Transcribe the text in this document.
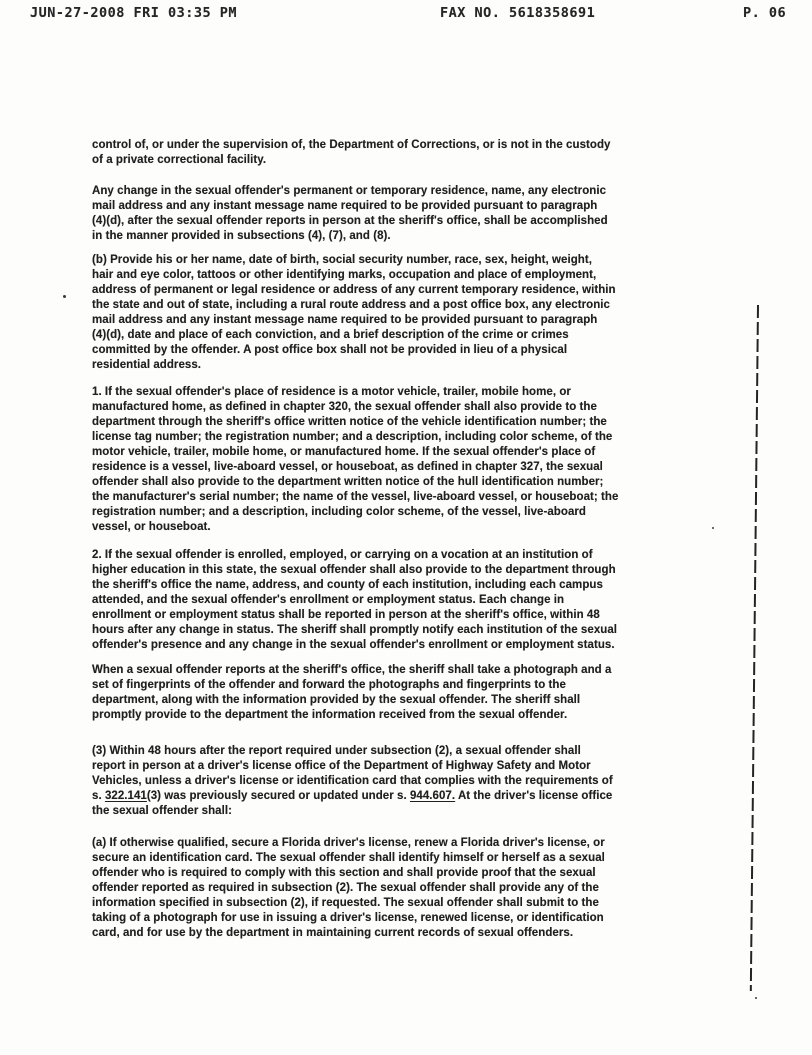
JUN-27-2008 FRI 03:35 PM	FAX NO. 5618358691	P. 06
control of, or under the supervision of, the Department of Corrections, or is not in the custody
of a private correctional facility.
Any change in the sexual offender's permanent or temporary residence, name, any electronic
mail address and any instant message name required to be provided pursuant to paragraph
(4)(d), after the sexual offender reports in person at the sheriff's office, shall be accomplished
in the manner provided in subsections (4), (7), and (8).
(b) Provide his or her name, date of birth, social security number, race, sex, height, weight,
hair and eye color, tattoos or other identifying marks, occupation and place of employment,
address of permanent or legal residence or address of any current temporary residence, within
the state and out of state, including a rural route address and a post office box, any electronic
mail address and any instant message name required to be provided pursuant to paragraph
(4)(d), date and place of each conviction, and a brief description of the crime or crimes
committed by the offender. A post office box shall not be provided in lieu of a physical
residential address.
1. If the sexual offender's place of residence is a motor vehicle, trailer, mobile home, or
manufactured home, as defined in chapter 320, the sexual offender shall also provide to the
department through the sheriff's office written notice of the vehicle identification number; the
license tag number; the registration number; and a description, including color scheme, of the
motor vehicle, trailer, mobile home, or manufactured home. If the sexual offender's place of
residence is a vessel, live-aboard vessel, or houseboat, as defined in chapter 327, the sexual
offender shall also provide to the department written notice of the hull identification number;
the manufacturer's serial number; the name of the vessel, live-aboard vessel, or houseboat; the
registration number; and a description, including color scheme, of the vessel, live-aboard
vessel, or houseboat.
2. If the sexual offender is enrolled, employed, or carrying on a vocation at an institution of
higher education in this state, the sexual offender shall also provide to the department through
the sheriff's office the name, address, and county of each institution, including each campus
attended, and the sexual offender's enrollment or employment status. Each change in
enrollment or employment status shall be reported in person at the sheriff's office, within 48
hours after any change in status. The sheriff shall promptly notify each institution of the sexual
offender's presence and any change in the sexual offender's enrollment or employment status.
When a sexual offender reports at the sheriff's office, the sheriff shall take a photograph and a
set of fingerprints of the offender and forward the photographs and fingerprints to the
department, along with the information provided by the sexual offender. The sheriff shall
promptly provide to the department the information received from the sexual offender.
(3) Within 48 hours after the report required under subsection (2), a sexual offender shall
report in person at a driver's license office of the Department of Highway Safety and Motor
Vehicles, unless a driver's license or identification card that complies with the requirements of
s. 322.141(3) was previously secured or updated under s. 944.607. At the driver's license office
the sexual offender shall:
(a) If otherwise qualified, secure a Florida driver's license, renew a Florida driver's license, or
secure an identification card. The sexual offender shall identify himself or herself as a sexual
offender who is required to comply with this section and shall provide proof that the sexual
offender reported as required in subsection (2). The sexual offender shall provide any of the
information specified in subsection (2), if requested. The sexual offender shall submit to the
taking of a photograph for use in issuing a driver's license, renewed license, or identification
card, and for use by the department in maintaining current records of sexual offenders.
